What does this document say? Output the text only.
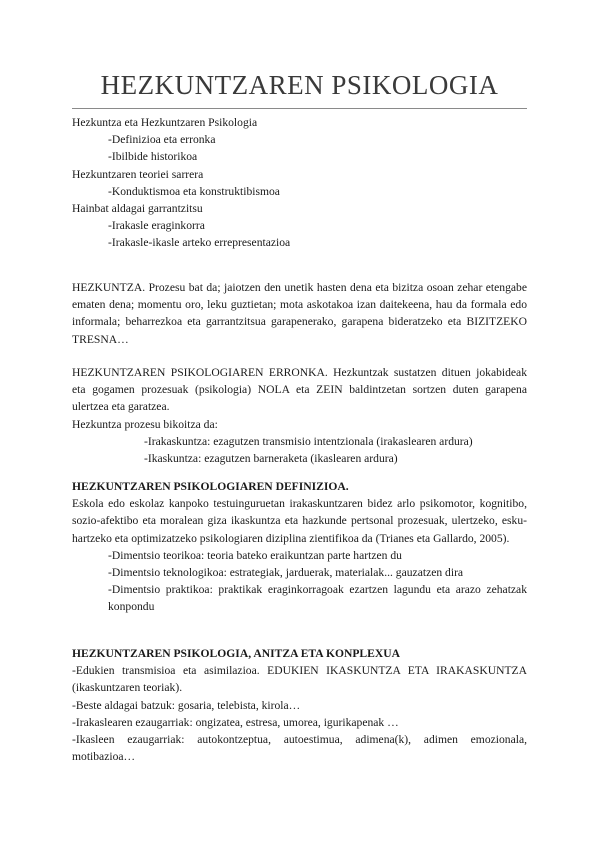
HEZKUNTZAREN PSIKOLOGIA
Hezkuntza eta Hezkuntzaren Psikologia
-Definizioa eta erronka
-Ibilbide historikoa
Hezkuntzaren teoriei sarrera
-Konduktismoa eta konstruktibismoa
Hainbat aldagai garrantzitsu
-Irakasle eraginkorra
-Irakasle-ikasle arteko errepresentazioa

HEZKUNTZA. Prozesu bat da; jaiotzen den unetik hasten dena eta bizitza osoan zehar etengabe ematen dena; momentu oro, leku guztietan; mota askotakoa izan daitekeena, hau da formala edo informala; beharrezkoa eta garrantzitsua garapenerako, garapena bideratzeko eta BIZITZEKO TRESNA…

HEZKUNTZAREN PSIKOLOGIAREN ERRONKA. Hezkuntzak sustatzen dituen jokabideak eta gogamen prozesuak (psikologia) NOLA eta ZEIN baldintzetan sortzen duten garapena ulertzea eta garatzea.

Hezkuntza prozesu bikoitza da:

-Irakaskuntza: ezagutzen transmisio intentzionala (irakaslearen ardura)

-Ikaskuntza: ezagutzen barneraketa (ikaslearen ardura)

HEZKUNTZAREN PSIKOLOGIAREN DEFINIZIOA.

Eskola edo eskolaz kanpoko testuinguruetan irakaskuntzaren bidez arlo psikomotor, kognitibo, sozio-afektibo eta moralean giza ikaskuntza eta hazkunde pertsonal prozesuak, ulertzeko, esku-hartzeko eta optimizatzeko psikologiaren diziplina zientifikoa da (Trianes eta Gallardo, 2005).

-Dimentsio teorikoa: teoria bateko eraikuntzan parte hartzen du

-Dimentsio teknologikoa: estrategiak, jarduerak, materialak... gauzatzen dira

-Dimentsio praktikoa: praktikak eraginkorragoak ezartzen lagundu eta arazo zehatzak konpondu

HEZKUNTZAREN PSIKOLOGIA, ANITZA ETA KONPLEXUA

-Edukien transmisioa eta asimilazioa. EDUKIEN IKASKUNTZA ETA IRAKASKUNTZA (ikaskuntzaren teoriak).

-Beste aldagai batzuk: gosaria, telebista, kirola…

-Irakaslearen ezaugarriak: ongizatea, estresa, umorea, igurikapenak …

-Ikasleen ezaugarriak: autokontzeptua, autoestimua, adimena(k), adimen emozionala, motibazioa…
